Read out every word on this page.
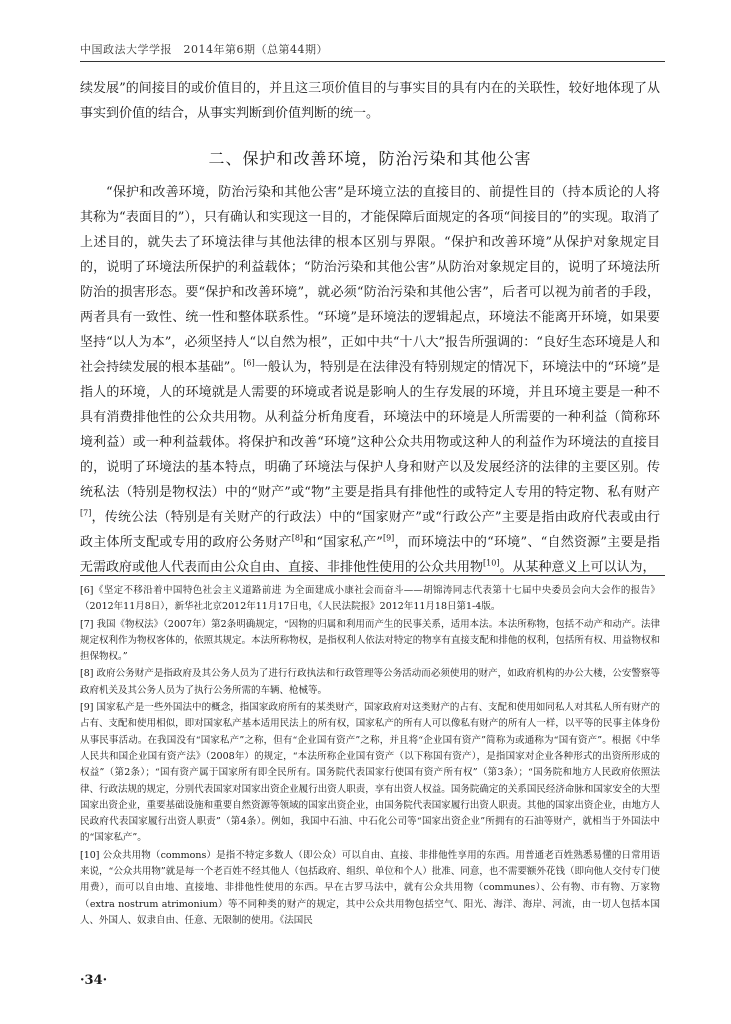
中国政法大学学报　2014年第6期（总第44期）

续发展”的间接目的或价值目的，并且这三项价值目的与事实目的具有内在的关联性，较好地体现了从事实到价值的结合，从事实判断到价值判断的统一。

二、保护和改善环境，防治污染和其他公害

“保护和改善环境，防治污染和其他公害”是环境立法的直接目的、前提性目的（持本质论的人将其称为“表面目的”），只有确认和实现这一目的，才能保障后面规定的各项“间接目的”的实现。取消了上述目的，就失去了环境法律与其他法律的根本区别与界限。“保护和改善环境”从保护对象规定目的，说明了环境法所保护的利益载体；“防治污染和其他公害”从防治对象规定目的，说明了环境法所防治的损害形态。要“保护和改善环境”，就必须“防治污染和其他公害”，后者可以视为前者的手段，两者具有一致性、统一性和整体联系性。“环境”是环境法的逻辑起点，环境法不能离开环境，如果要坚持“以人为本”，必须坚持人“以自然为根”，正如中共“十八大”报告所强调的：“良好生态环境是人和社会持续发展的根本基础”。[6]一般认为，特别是在法律没有特别规定的情况下，环境法中的“环境”是指人的环境，人的环境就是人需要的环境或者说是影响人的生存发展的环境，并且环境主要是一种不具有消费排他性的公众共用物。从利益分析角度看，环境法中的环境是人所需要的一种利益（简称环境利益）或一种利益载体。将保护和改善“环境”这种公众共用物或这种人的利益作为环境法的直接目的，说明了环境法的基本特点，明确了环境法与保护人身和财产以及发展经济的法律的主要区别。传统私法（特别是物权法）中的“财产”或“物”主要是指具有排他性的或特定人专用的特定物、私有财产[7]，传统公法（特别是有关财产的行政法）中的“国家财产”或“行政公产”主要是指由政府代表或由行政主体所支配或专用的政府公务财产[8]和“国家私产”[9]，而环境法中的“环境”、“自然资源”主要是指无需政府或他人代表而由公众自由、直接、非排他性使用的公众共用物[10]。从某种意义上可以认为，

[6]《坚定不移沿着中国特色社会主义道路前进 为全面建成小康社会而奋斗——胡锦涛同志代表第十七届中央委员会向大会作的报告》（2012年11月8日），新华社北京2012年11月17日电，《人民法院报》2012年11月18日第1-4版。

[7] 我国《物权法》（2007年）第2条明确规定，“因物的归属和利用而产生的民事关系，适用本法。本法所称物，包括不动产和动产。法律规定权利作为物权客体的，依照其规定。本法所称物权，是指权利人依法对特定的物享有直接支配和排他的权利，包括所有权、用益物权和担保物权。”

[8] 政府公务财产是指政府及其公务人员为了进行行政执法和行政管理等公务活动而必须使用的财产，如政府机构的办公大楼，公安警察等政府机关及其公务人员为了执行公务所需的车辆、枪械等。

[9] 国家私产是一些外国法中的概念，指国家政府所有的某类财产，国家政府对这类财产的占有、支配和使用如同私人对其私人所有财产的占有、支配和使用相似，即对国家私产基本适用民法上的所有权，国家私产的所有人可以像私有财产的所有人一样，以平等的民事主体身份从事民事活动。在我国没有“国家私产”之称，但有“企业国有资产”之称，并且将“企业国有资产”简称为或通称为“国有资产”。根据《中华人民共和国企业国有资产法》（2008年）的规定，“本法所称企业国有资产（以下称国有资产），是指国家对企业各种形式的出资所形成的权益”（第2条）；“国有资产属于国家所有即全民所有。国务院代表国家行使国有资产所有权”（第3条）；“国务院和地方人民政府依照法律、行政法规的规定，分别代表国家对国家出资企业履行出资人职责，享有出资人权益。国务院确定的关系国民经济命脉和国家安全的大型国家出资企业，重要基础设施和重要自然资源等领域的国家出资企业，由国务院代表国家履行出资人职责。其他的国家出资企业，由地方人民政府代表国家履行出资人职责”（第4条）。例如，我国中石油、中石化公司等“国家出资企业”所拥有的石油等财产，就相当于外国法中的“国家私产”。

[10] 公众共用物（commons）是指不特定多数人（即公众）可以自由、直接、非排他性享用的东西。用普通老百姓熟悉易懂的日常用语来说，“公众共用物”就是每一个老百姓不经其他人（包括政府、组织、单位和个人）批准、同意，也不需要额外花钱（即向他人交付专门使用费），而可以自由地、直接地、非排他性使用的东西。早在古罗马法中，就有公众共用物（communes）、公有物、市有物、万家物（extra nostrum atrimonium）等不同种类的财产的规定，其中公众共用物包括空气、阳光、海洋、海岸、河流，由一切人包括本国人、外国人、奴隶自由、任意、无限制的使用。《法国民

·34·
